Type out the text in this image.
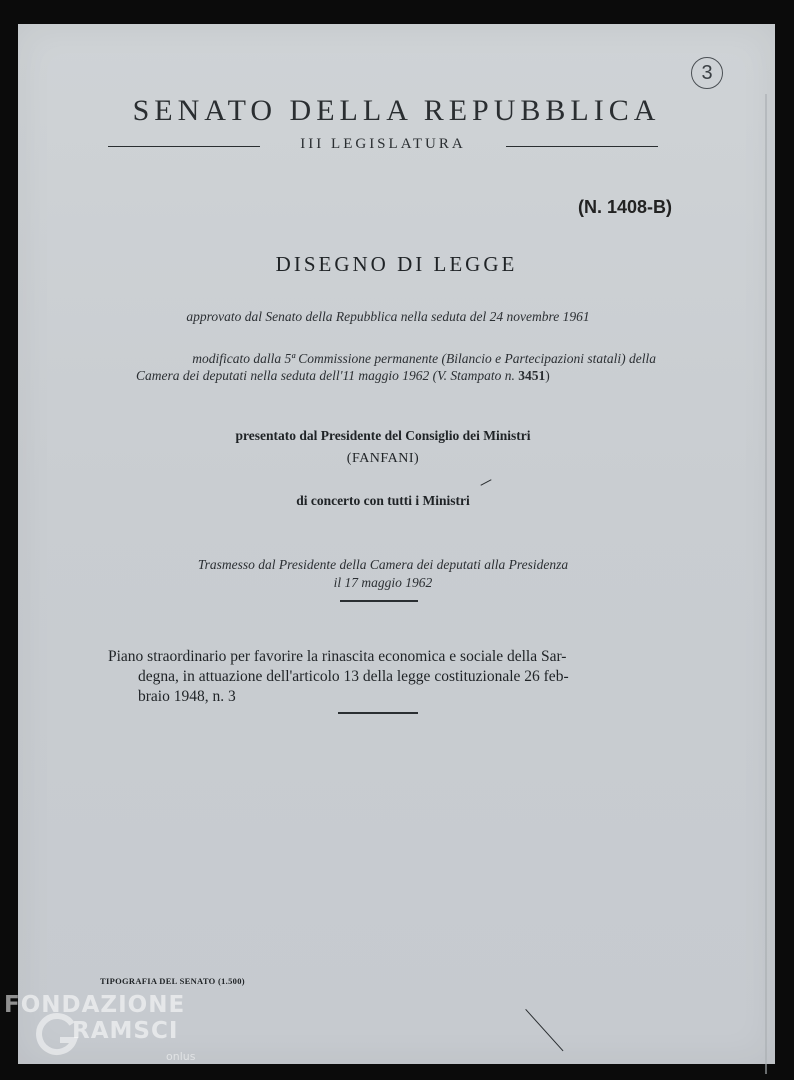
3
SENATO DELLA REPUBBLICA
III LEGISLATURA
(N. 1408-B)
DISEGNO DI LEGGE
approvato dal Senato della Repubblica nella seduta del 24 novembre 1961
modificato dalla 5ª Commissione permanente (Bilancio e Partecipazioni statali) della
Camera dei deputati nella seduta dell'11 maggio 1962 (V. Stampato n. 3451)
presentato dal Presidente del Consiglio dei Ministri
(FANFANI)
di concerto con tutti i Ministri
Trasmesso dal Presidente della Camera dei deputati alla Presidenza
il 17 maggio 1962
Piano straordinario per favorire la rinascita economica e sociale della Sar-
degna, in attuazione dell'articolo 13 della legge costituzionale 26 feb-
braio 1948, n. 3
TIPOGRAFIA DEL SENATO (1.500)
FONDAZIONE
RAMSCI
onlus
